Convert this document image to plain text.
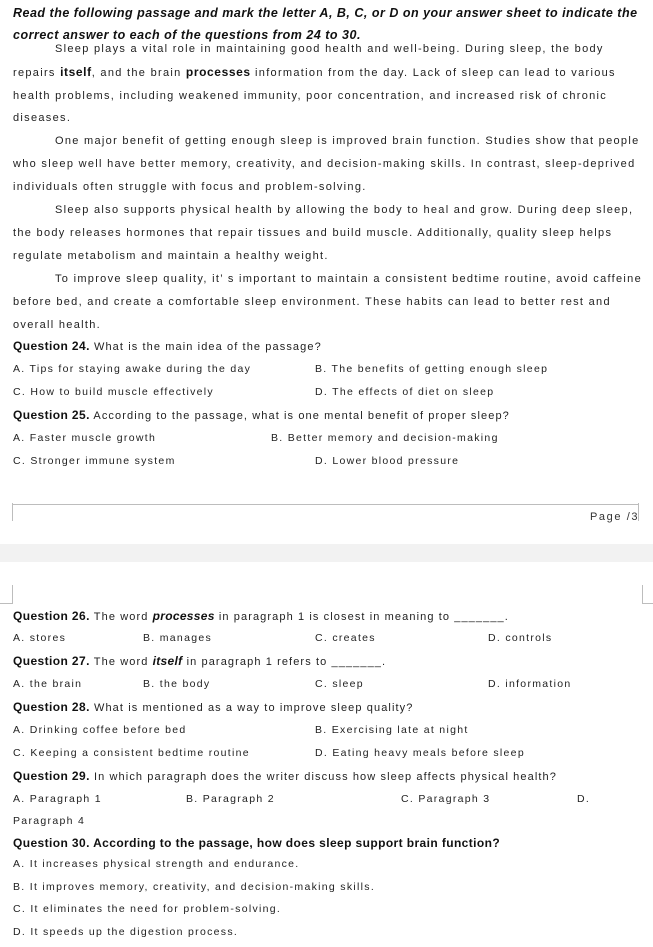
Read the following passage and mark the letter A, B, C, or D on your answer sheet to indicate the correct answer to each of the questions from 24 to 30.
Sleep plays a vital role in maintaining good health and well-being. During sleep, the body repairs itself, and the brain processes information from the day. Lack of sleep can lead to various health problems, including weakened immunity, poor concentration, and increased risk of chronic diseases.
One major benefit of getting enough sleep is improved brain function. Studies show that people who sleep well have better memory, creativity, and decision-making skills. In contrast, sleep-deprived individuals often struggle with focus and problem-solving.
Sleep also supports physical health by allowing the body to heal and grow. During deep sleep, the body releases hormones that repair tissues and build muscle. Additionally, quality sleep helps regulate metabolism and maintain a healthy weight.
To improve sleep quality, it’ s important to maintain a consistent bedtime routine, avoid caffeine before bed, and create a comfortable sleep environment. These habits can lead to better rest and overall health.
Question 24. What is the main idea of the passage?
A. Tips for staying awake during the day	B. The benefits of getting enough sleep
C. How to build muscle effectively	D. The effects of diet on sleep
Question 25. According to the passage, what is one mental benefit of proper sleep?
A. Faster muscle growth	B. Better memory and decision-making
C. Stronger immune system	D. Lower blood pressure
Page /3
Question 26. The word processes in paragraph 1 is closest in meaning to _______.
A. stores	B. manages	C. creates	D. controls
Question 27. The word itself in paragraph 1 refers to _______.
A. the brain	B. the body	C. sleep	D. information
Question 28. What is mentioned as a way to improve sleep quality?
A. Drinking coffee before bed	B. Exercising late at night
C. Keeping a consistent bedtime routine	D. Eating heavy meals before sleep
Question 29. In which paragraph does the writer discuss how sleep affects physical health?
A. Paragraph 1	B. Paragraph 2	C. Paragraph 3	D.
Paragraph 4
Question 30. According to the passage, how does sleep support brain function?
A. It increases physical strength and endurance.
B. It improves memory, creativity, and decision-making skills.
C. It eliminates the need for problem-solving.
D. It speeds up the digestion process.
